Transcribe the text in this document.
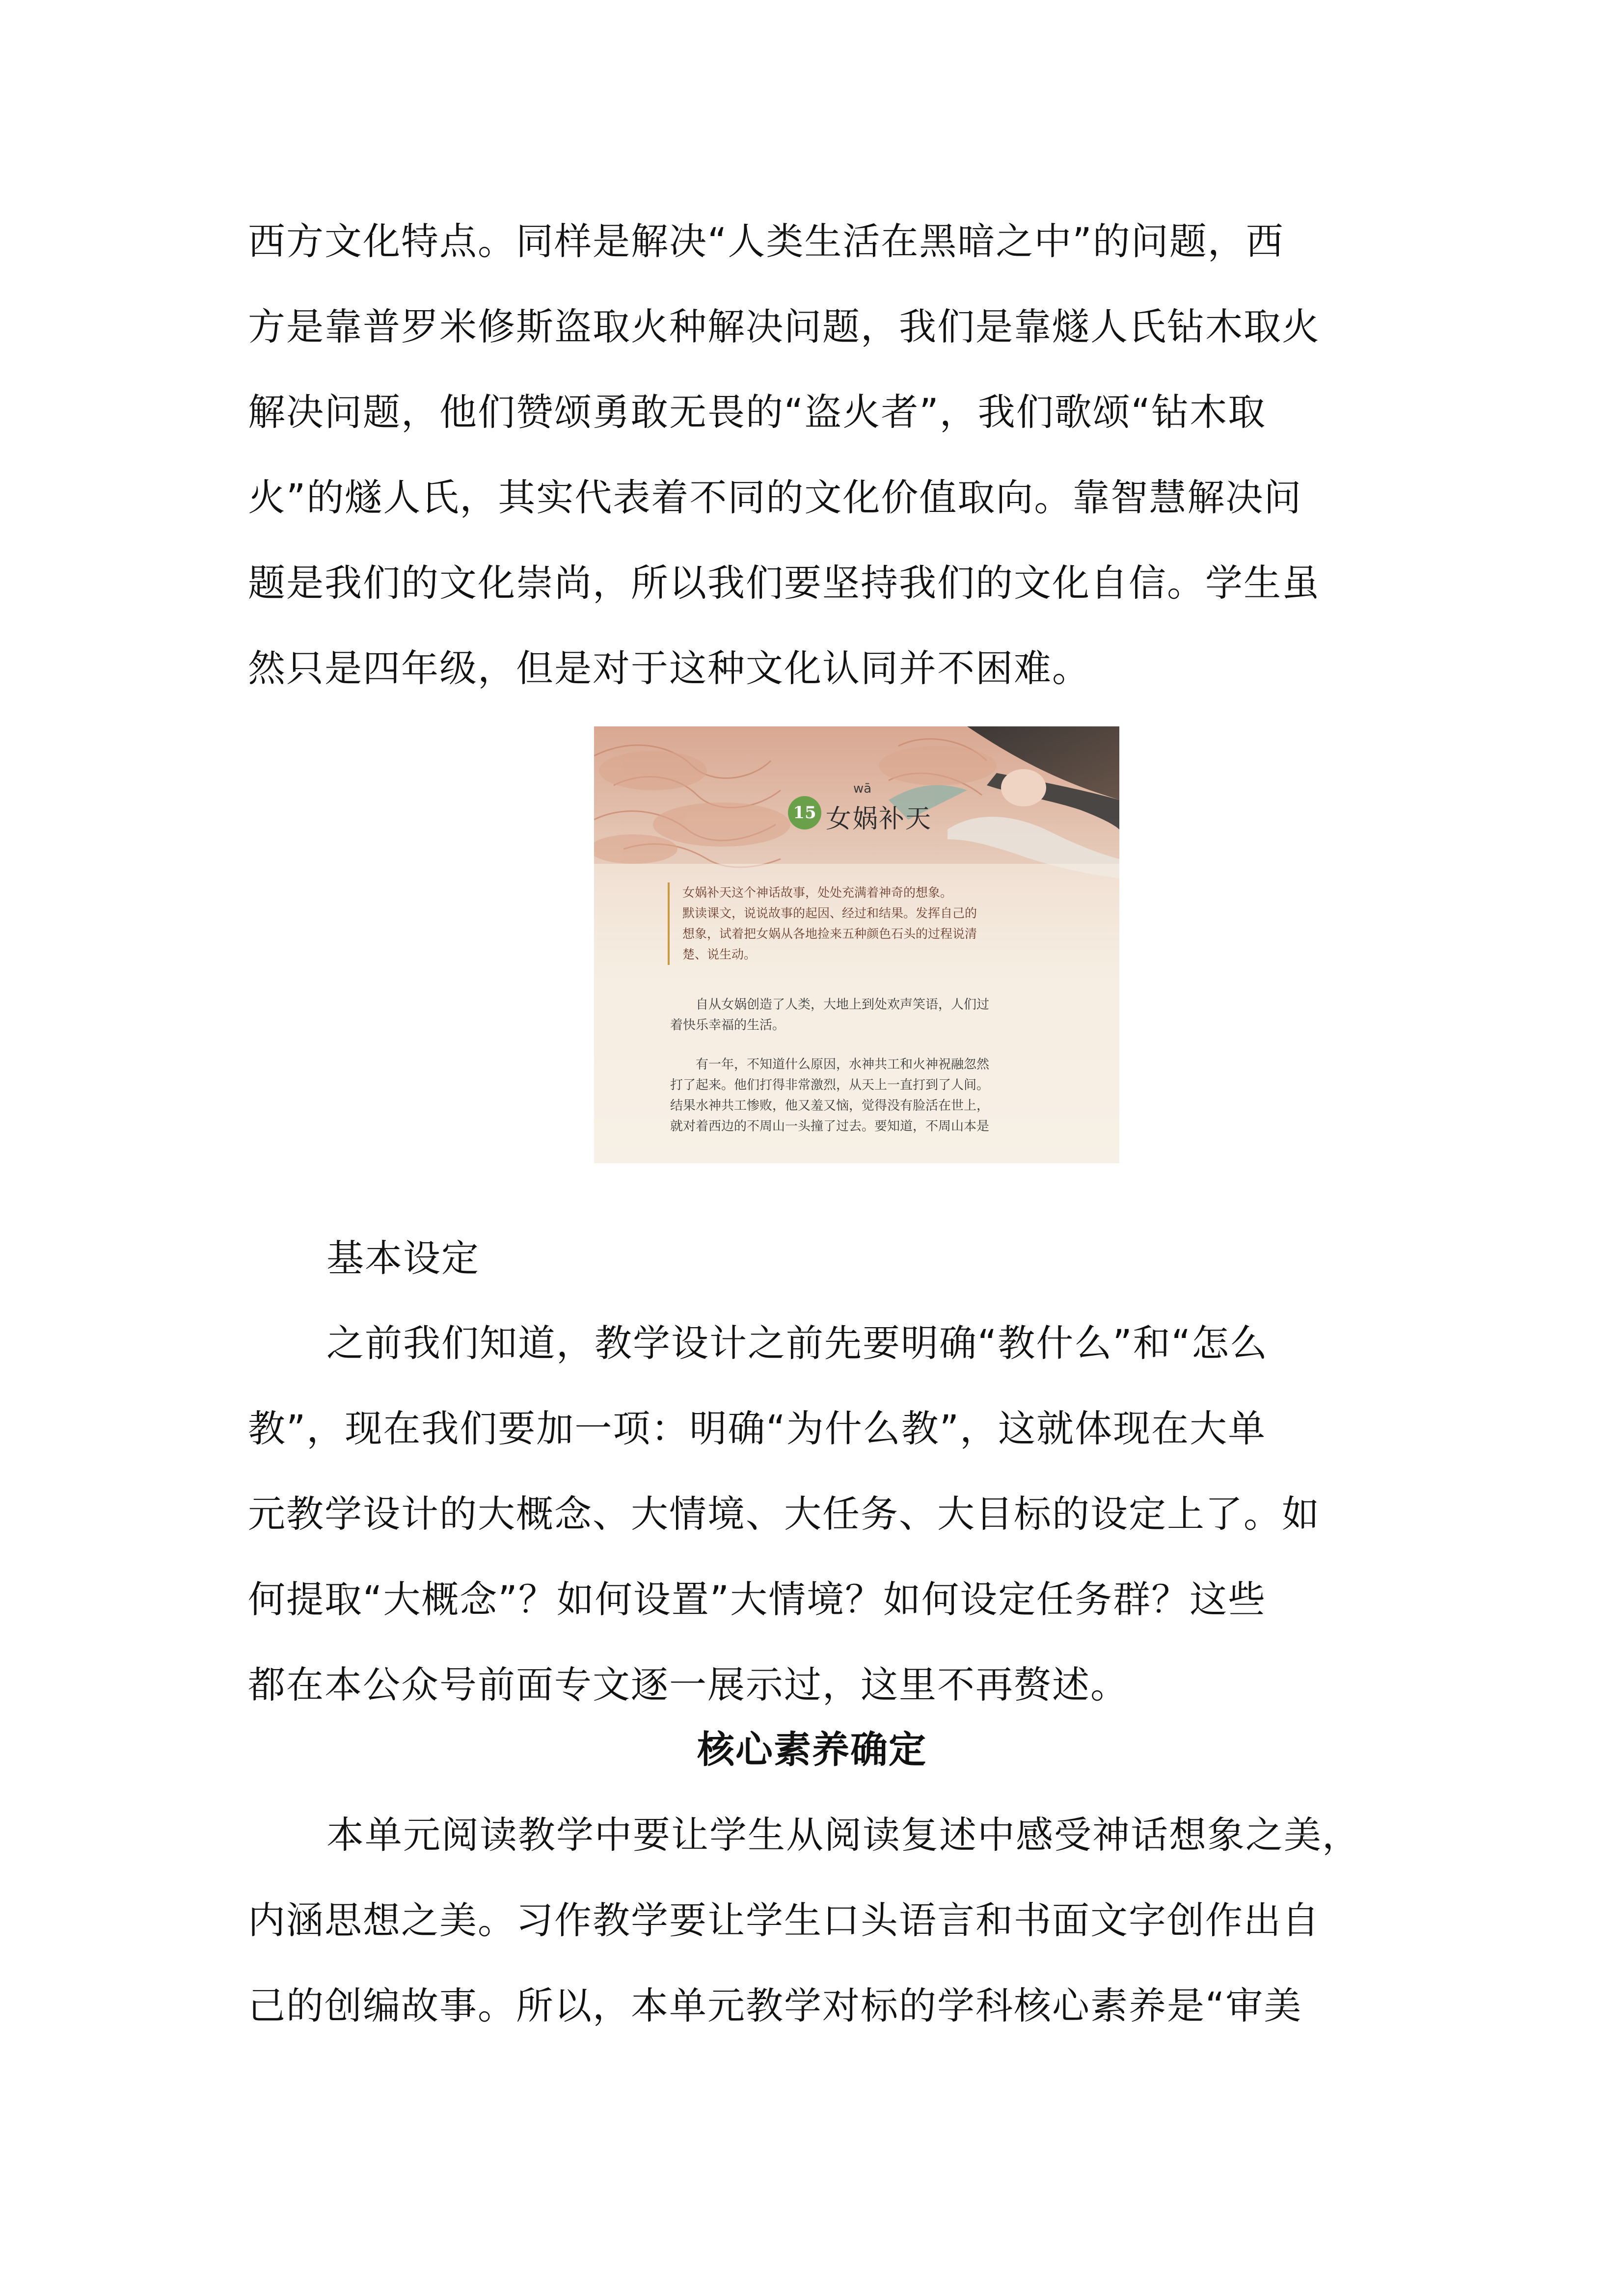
西方文化特点。同样是解决“人类生活在黑暗之中”的问题，西
方是靠普罗米修斯盗取火种解决问题，我们是靠燧人氏钻木取火
解决问题，他们赞颂勇敢无畏的“盗火者”，我们歌颂“钻木取
火”的燧人氏，其实代表着不同的文化价值取向。靠智慧解决问
题是我们的文化崇尚，所以我们要坚持我们的文化自信。学生虽
然只是四年级，但是对于这种文化认同并不困难。
15
wā
女娲补天
女娲补天这个神话故事，处处充满着神奇的想象。
默读课文，说说故事的起因、经过和结果。发挥自己的
想象，试着把女娲从各地捡来五种颜色石头的过程说清
楚、说生动。
　　自从女娲创造了人类，大地上到处欢声笑语，人们过
着快乐幸福的生活。
　　有一年，不知道什么原因，水神共工和火神祝融忽然
打了起来。他们打得非常激烈，从天上一直打到了人间。
结果水神共工惨败，他又羞又恼，觉得没有脸活在世上，
就对着西边的不周山一头撞了过去。要知道，不周山本是
基本设定
之前我们知道，教学设计之前先要明确“教什么”和“怎么
教”，现在我们要加一项：明确“为什么教”，这就体现在大单
元教学设计的大概念、大情境、大任务、大目标的设定上了。如
何提取“大概念”？如何设置”大情境？如何设定任务群？这些
都在本公众号前面专文逐一展示过，这里不再赘述。
核心素养确定
本单元阅读教学中要让学生从阅读复述中感受神话想象之美，
内涵思想之美。习作教学要让学生口头语言和书面文字创作出自
己的创编故事。所以，本单元教学对标的学科核心素养是“审美
